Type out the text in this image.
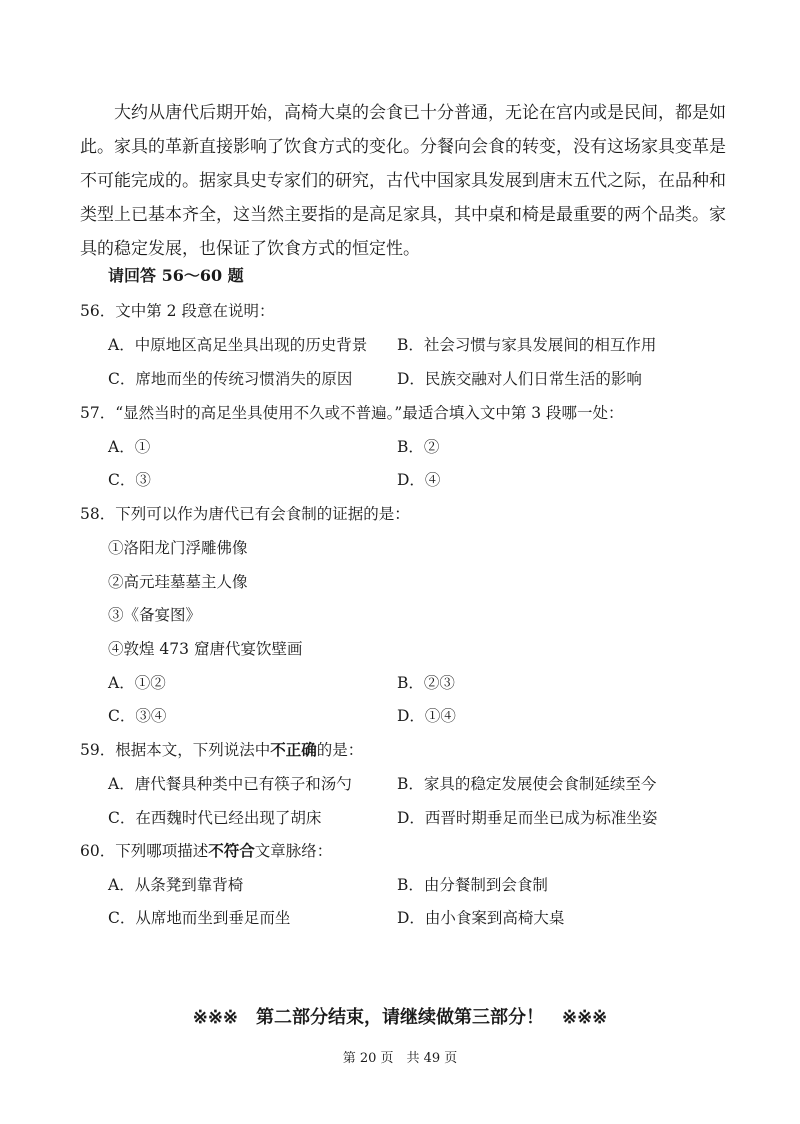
大约从唐代后期开始，高椅大桌的会食已十分普通，无论在宫内或是民间，都是如此。家具的革新直接影响了饮食方式的变化。分餐向会食的转变，没有这场家具变革是不可能完成的。据家具史专家们的研究，古代中国家具发展到唐末五代之际，在品种和类型上已基本齐全，这当然主要指的是高足家具，其中桌和椅是最重要的两个品类。家具的稳定发展，也保证了饮食方式的恒定性。

请回答 56～60 题
56．文中第 2 段意在说明：
A．中原地区高足坐具出现的历史背景 B．社会习惯与家具发展间的相互作用
C．席地而坐的传统习惯消失的原因	D．民族交融对人们日常生活的影响
57．“显然当时的高足坐具使用不久或不普遍。”最适合填入文中第 3 段哪一处：
A．①	B．②
C．③	D．④
58．下列可以作为唐代已有会食制的证据的是：
①洛阳龙门浮雕佛像
②高元珪墓墓主人像
③《备宴图》
④敦煌 473 窟唐代宴饮壁画
A．①②	B．②③
C．③④	D．①④
59．根据本文，下列说法中不正确的是：
A．唐代餐具种类中已有筷子和汤勺	B．家具的稳定发展使会食制延续至今
C．在西魏时代已经出现了胡床	D．西晋时期垂足而坐已成为标准坐姿
60．下列哪项描述不符合文章脉络：
A．从条凳到靠背椅	B．由分餐制到会食制
C．从席地而坐到垂足而坐	D．由小食案到高椅大桌
※※※ 第二部分结束，请继续做第三部分！ ※※※
第 20 页　共 49 页
